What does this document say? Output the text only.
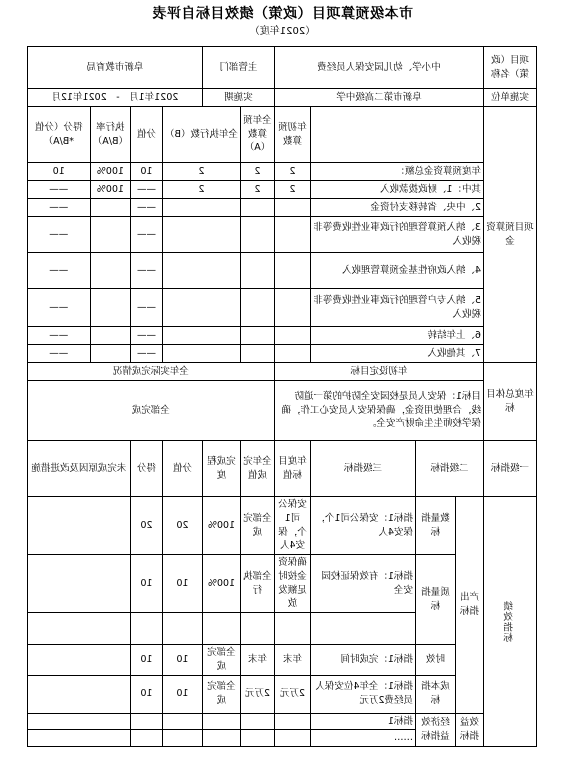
市本级预算项目（政策）绩效目标自评表
（2021年度）
项目（政策）名称	中小学、幼儿园安保人员经费				主管部门		阜新市教育局			
实施单位	阜新市第二高级中学				实施期		2021年1月　-　2021年12月			
项目预算资金				年初预算数	全年预算数（A）	全年执行数（B）		分值	执行率（B/A）	得分（分值*B/A）
	年度预算资金总额：			2	2	2		10	100%	10
	其中：1、财政拨款收入			2	2	2		——	100%	——
	2、中央、省转移支付资金							——		——
	3、纳入预算管理的行政事业性收费等非税收入							——		——
	4、纳入政府性基金预算管理收入							——		——
	5、纳入专户管理的行政事业性收费等非税收入							——		——
	6、上年结转							——		——
	7、其他收入							——		——
年度总体目标	年初设定目标				全年实际完成情况					
	目标1：保安人员是校园安全防护的第一道防线，合理使用资金，确保保安人员安心工作，确保学校师生生命财产安全。				全部完成					
一级指标	二级指标		三级指标	年度目标值	全年完成值	完成程度	分值	得分	未完成原因及改进措施	
绩效指标	产出指标	数量指标	指标1：安保公司1个，保安4人	安保公司1个，保安4人	全部完成	100%	20	20		
		质量指标	指标1：有效保证校园安全	确保资金按时足额发放	全部执行	100%	10	10		

		时效	指标1：完成时间	年末	年末	全部完成	10	10		
		成本指标	指标1：全年4位安保人员经费2万元	2万元	2万元	全部完成	10	10		
	效益指标	经济效益指标	指标1							
			……							
